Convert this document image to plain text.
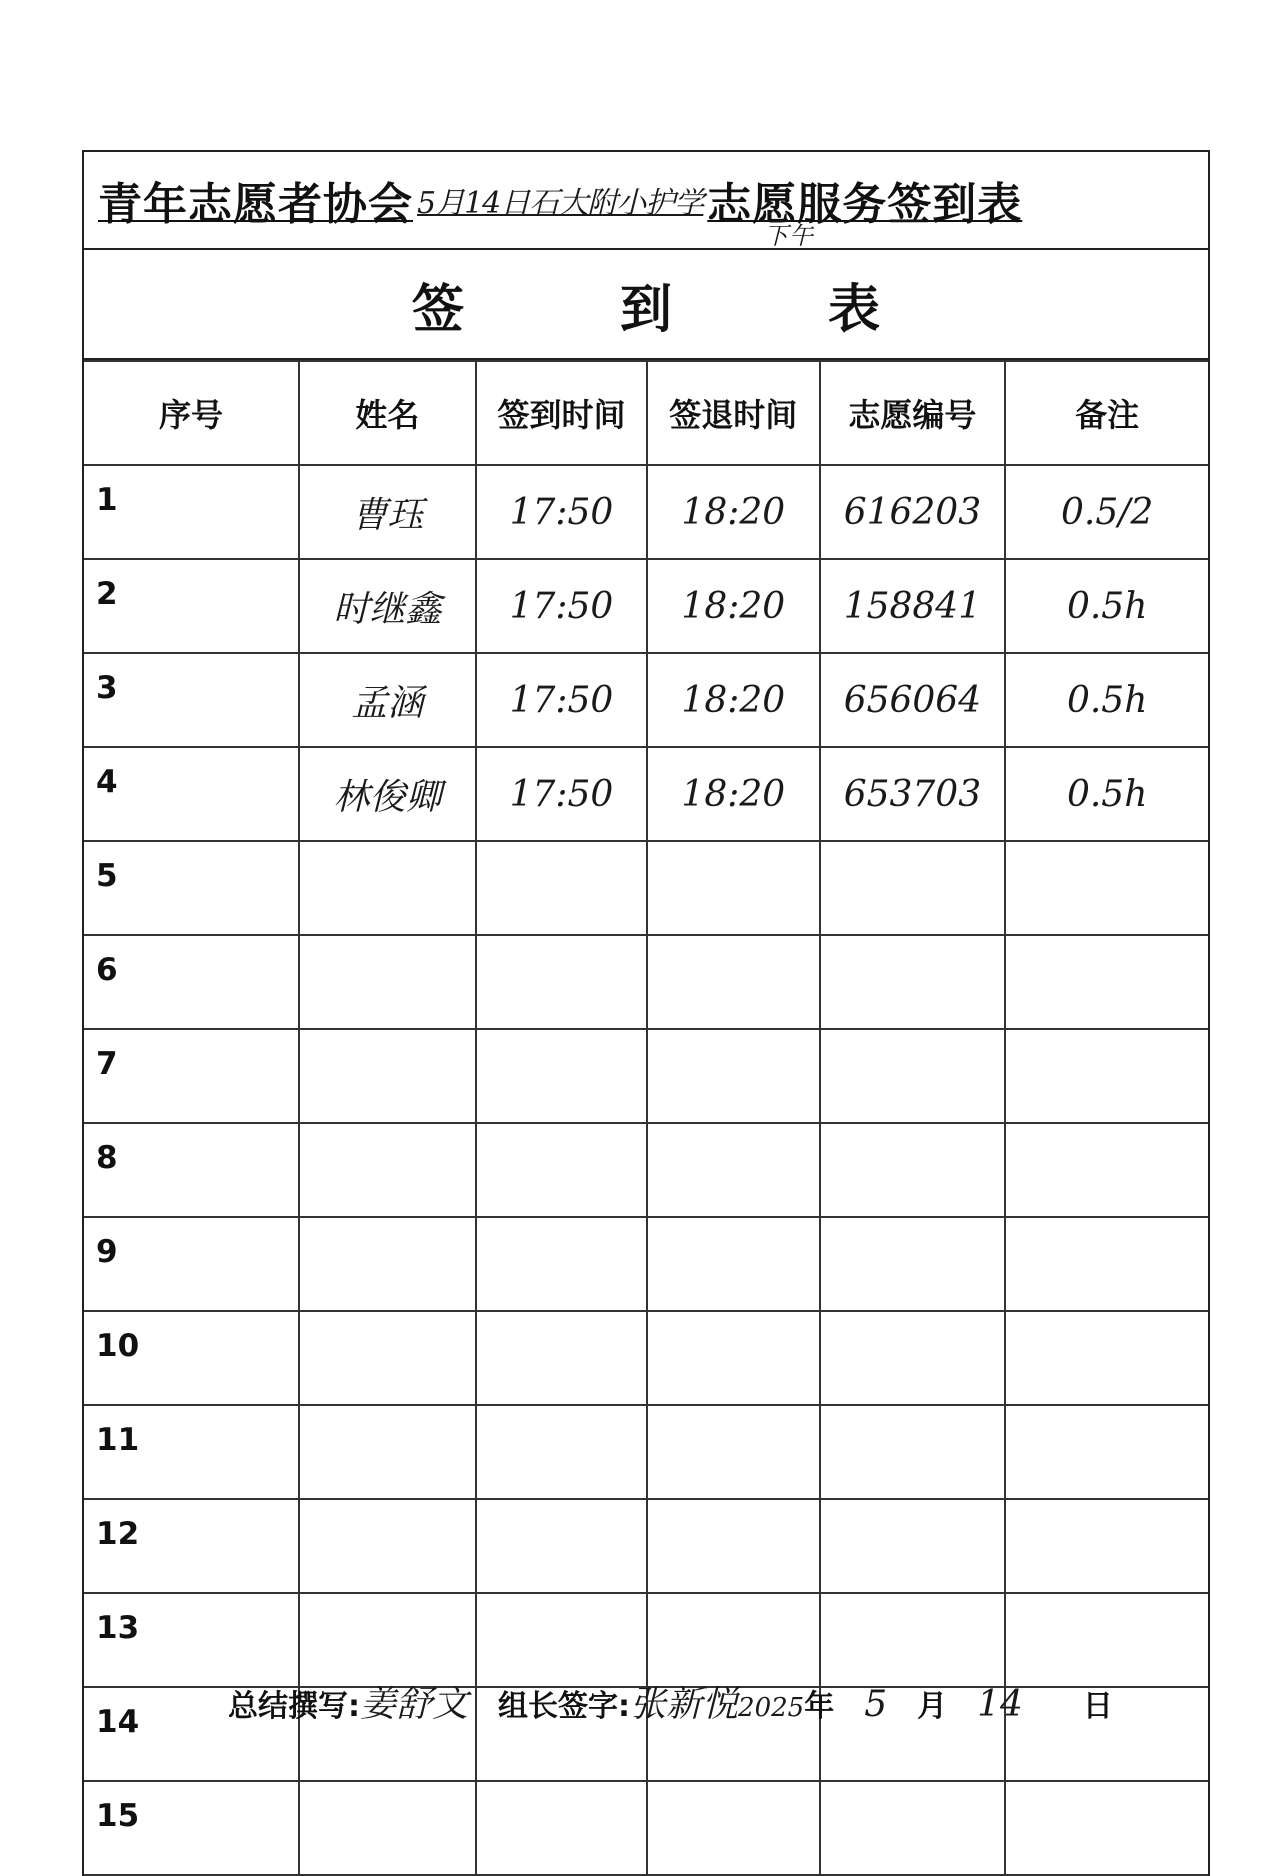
青年志愿者协会 5月14日石大附小护学 志愿服务签到表
下午
签	到	表
序号	姓名	签到时间	签退时间	志愿编号	备注
1	曹珏	17:50	18:20	616203	0.5/2
2	时继鑫	17:50	18:20	158841	0.5h
3	孟涵	17:50	18:20	656064	0.5h
4	林俊卿	17:50	18:20	653703	0.5h
5					
6					
7					
8					
9					
10					
11					
12					
13					
14					
15					
总结撰写: 姜舒文 组长签字: 张新悦 2025 年 5 月 14 日
